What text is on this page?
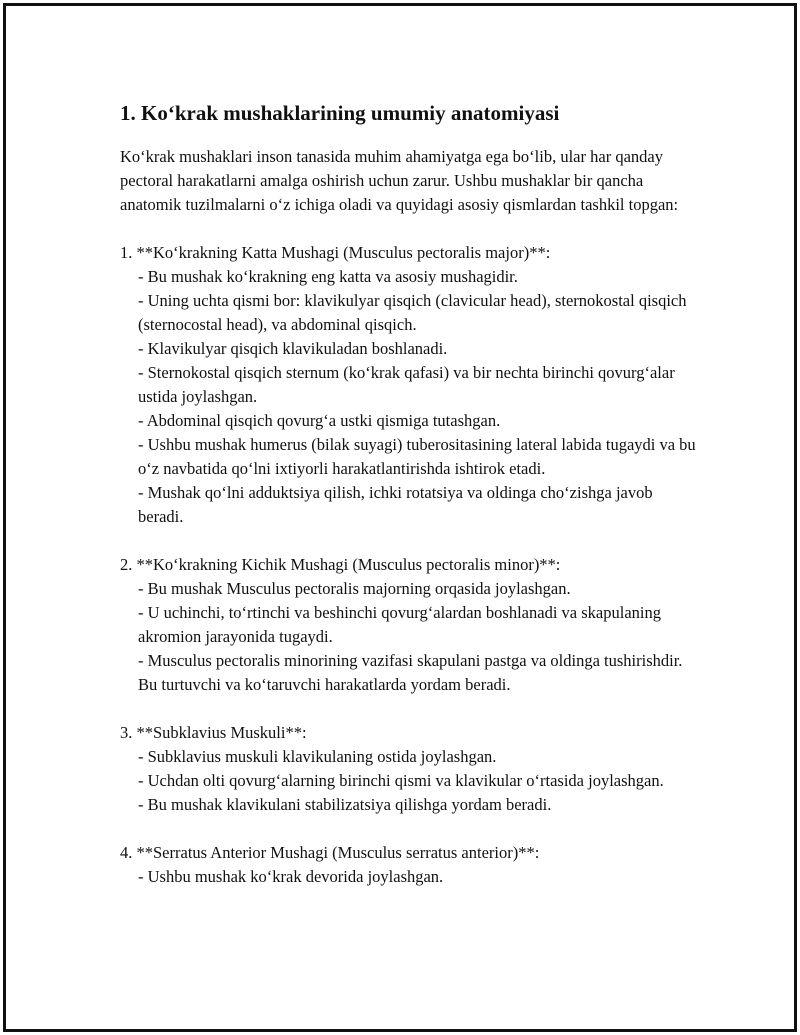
1. Koʻkrak mushaklarining umumiy anatomiyasi

Koʻkrak mushaklari inson tanasida muhim ahamiyatga ega boʻlib, ular har qanday pectoral harakatlarni amalga oshirish uchun zarur. Ushbu mushaklar bir qancha anatomik tuzilmalarni oʻz ichiga oladi va quyidagi asosiy qismlardan tashkil topgan:

1. **Koʻkrakning Katta Mushagi (Musculus pectoralis major)**:

- Bu mushak koʻkrakning eng katta va asosiy mushagidir.

- Uning uchta qismi bor: klavikulyar qisqich (clavicular head), sternokostal qisqich (sternocostal head), va abdominal qisqich.

- Klavikulyar qisqich klavikuladan boshlanadi.

- Sternokostal qisqich sternum (koʻkrak qafasi) va bir nechta birinchi qovurgʻalar ustida joylashgan.

- Abdominal qisqich qovurgʻa ustki qismiga tutashgan.

- Ushbu mushak humerus (bilak suyagi) tuberositasining lateral labida tugaydi va bu oʻz navbatida qoʻlni ixtiyorli harakatlantirishda ishtirok etadi.

- Mushak qoʻlni adduktsiya qilish, ichki rotatsiya va oldinga choʻzishga javob beradi.

2. **Koʻkrakning Kichik Mushagi (Musculus pectoralis minor)**:

- Bu mushak Musculus pectoralis majorning orqasida joylashgan.

- U uchinchi, toʻrtinchi va beshinchi qovurgʻalardan boshlanadi va skapulaning akromion jarayonida tugaydi.

- Musculus pectoralis minorining vazifasi skapulani pastga va oldinga tushirishdir. Bu turtuvchi va koʻtaruvchi harakatlarda yordam beradi.

3. **Subklavius Muskuli**:

- Subklavius muskuli klavikulaning ostida joylashgan.

- Uchdan olti qovurgʻalarning birinchi qismi va klavikular oʻrtasida joylashgan.

- Bu mushak klavikulani stabilizatsiya qilishga yordam beradi.

4. **Serratus Anterior Mushagi (Musculus serratus anterior)**:

- Ushbu mushak koʻkrak devorida joylashgan.
